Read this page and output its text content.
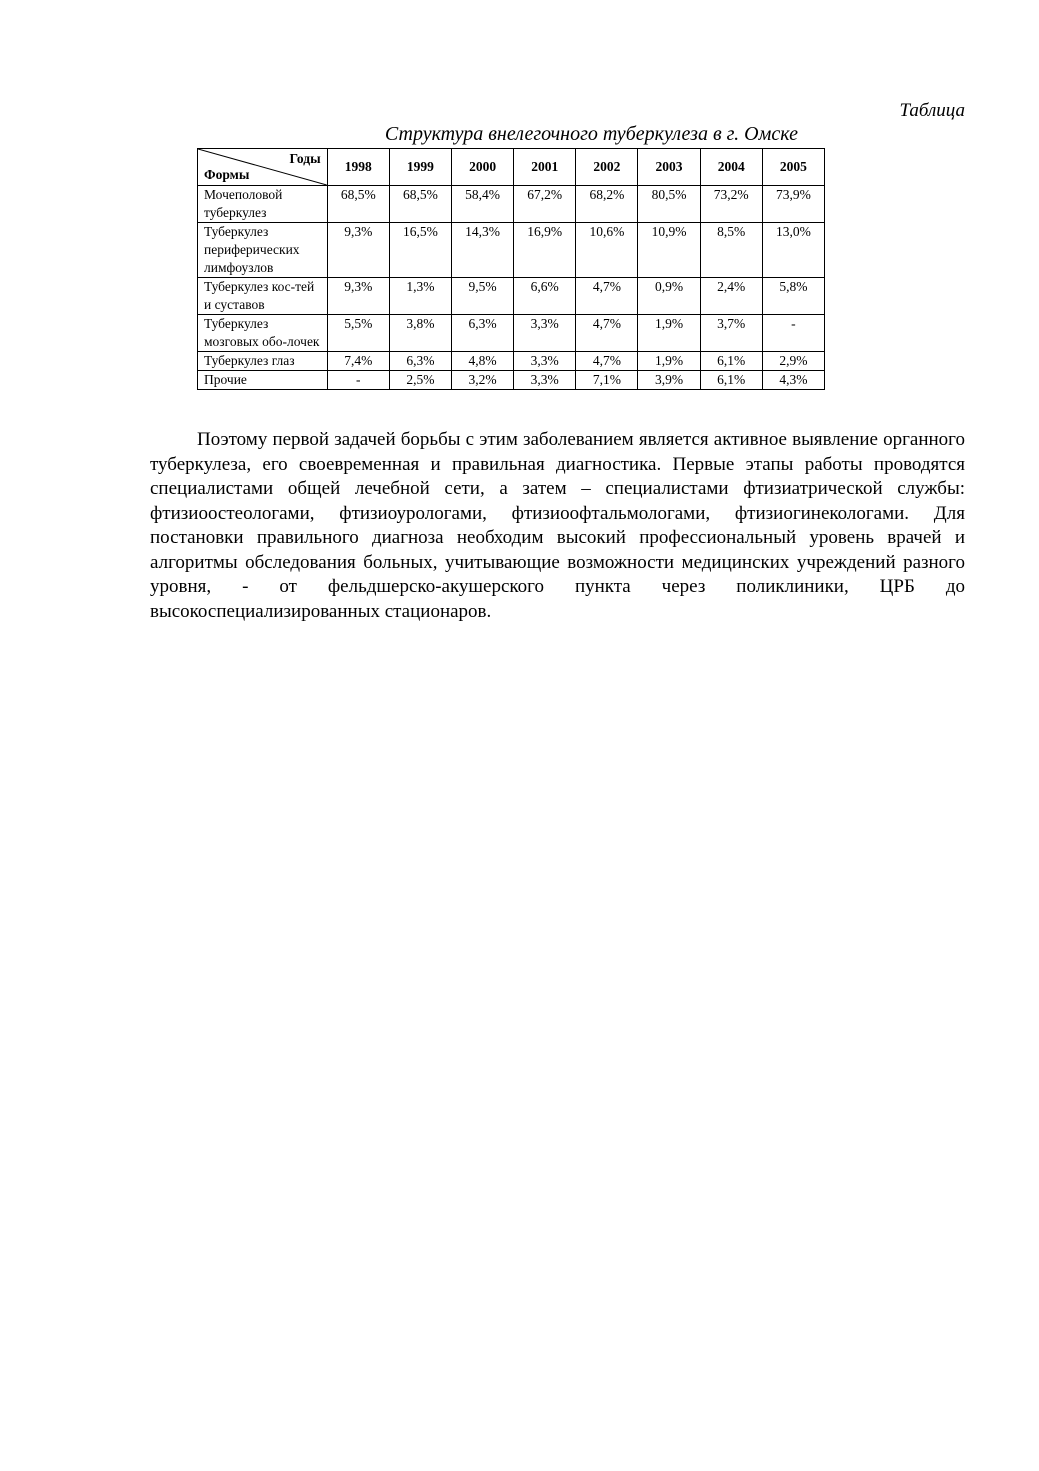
Таблица
Структура внелегочного туберкулеза в г. Омске
Годы
Формы	1998	1999	2000	2001	2002	2003	2004	2005
Мочеполовой туберкулез	68,5%	68,5%	58,4%	67,2%	68,2%	80,5%	73,2%	73,9%
Туберкулез периферических лимфоузлов	9,3%	16,5%	14,3%	16,9%	10,6%	10,9%	8,5%	13,0%
Туберкулез кос-тей и суставов	9,3%	1,3%	9,5%	6,6%	4,7%	0,9%	2,4%	5,8%
Туберкулез мозговых обо-лочек	5,5%	3,8%	6,3%	3,3%	4,7%	1,9%	3,7%	-
Туберкулез глаз	7,4%	6,3%	4,8%	3,3%	4,7%	1,9%	6,1%	2,9%
Прочие	-	2,5%	3,2%	3,3%	7,1%	3,9%	6,1%	4,3%

Поэтому первой задачей борьбы с этим заболеванием является активное выявление органного туберкулеза, его своевременная и правильная диагностика. Первые этапы работы проводятся специалистами общей лечебной сети, а затем – специалистами фтизиатрической службы: фтизиоостеологами, фтизиоурологами, фтизиоофтальмологами, фтизиогинекологами. Для постановки правильного диагноза необходим высокий профессиональный уровень врачей и алгоритмы обследования больных, учитывающие возможности медицинских учреждений разного уровня, - от фельдшерско-акушерского пункта через поликлиники, ЦРБ до высокоспециализированных стационаров.
